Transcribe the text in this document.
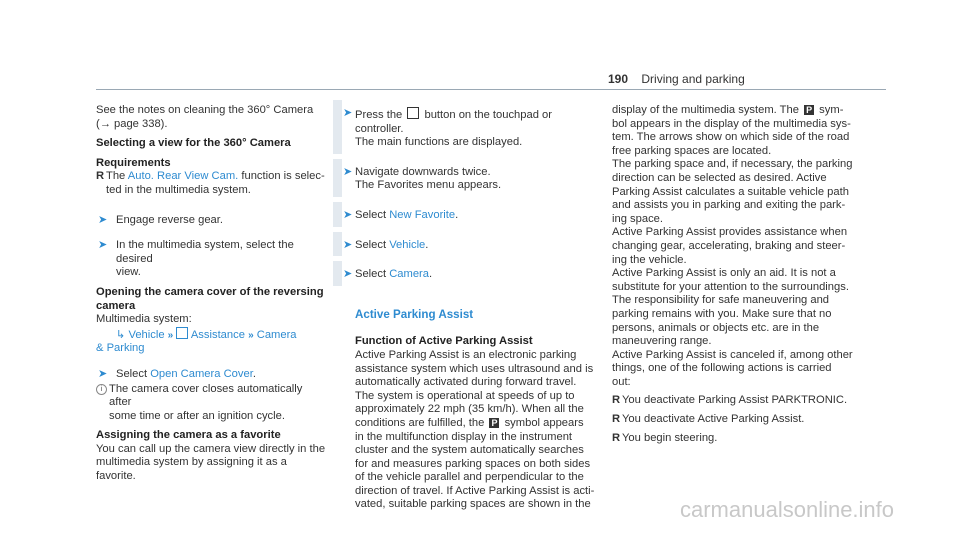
190 Driving and parking

See the notes on cleaning the 360° Camera
(→ page 338).

Selecting a view for the 360° Camera

Requirements

R The Auto. Rear View Cam. function is selec-
ted in the multimedia system.
➤ Engage reverse gear.
➤ In the multimedia system, select the desired
view.

Opening the camera cover of the reversing
camera

Multimedia system:

↳ Vehicle » Assistance » Camera

& Parking

➤ Select Open Camera Cover.
i The camera cover closes automatically after
some time or after an ignition cycle.

Assigning the camera as a favorite

You can call up the camera view directly in the
multimedia system by assigning it as a favorite.

➤ Press the  button on the touchpad or
controller.
The main functions are displayed.
➤ Navigate downwards twice.
The Favorites menu appears.
➤ Select New Favorite.
➤ Select Vehicle.
➤ Select Camera.

Active Parking Assist

Function of Active Parking Assist

Active Parking Assist is an electronic parking
assistance system which uses ultrasound and is
automatically activated during forward travel.
The system is operational at speeds of up to
approximately 22 mph (35 km/h). When all the
conditions are fulfilled, the P symbol appears
in the multifunction display in the instrument
cluster and the system automatically searches
for and measures parking spaces on both sides
of the vehicle parallel and perpendicular to the
direction of travel. If Active Parking Assist is acti-
vated, suitable parking spaces are shown in the
display of the multimedia system. The P sym-
bol appears in the display of the multimedia sys-
tem. The arrows show on which side of the road
free parking spaces are located.
The parking space and, if necessary, the parking
direction can be selected as desired. Active
Parking Assist calculates a suitable vehicle path
and assists you in parking and exiting the park-
ing space.
Active Parking Assist provides assistance when
changing gear, accelerating, braking and steer-
ing the vehicle.
Active Parking Assist is only an aid. It is not a
substitute for your attention to the surroundings.
The responsibility for safe maneuvering and
parking remains with you. Make sure that no
persons, animals or objects etc. are in the
maneuvering range.
Active Parking Assist is canceled if, among other
things, one of the following actions is carried
out:
R You deactivate Parking Assist PARKTRONIC.
R You deactivate Active Parking Assist.
R You begin steering.
carmanualsonline.info
